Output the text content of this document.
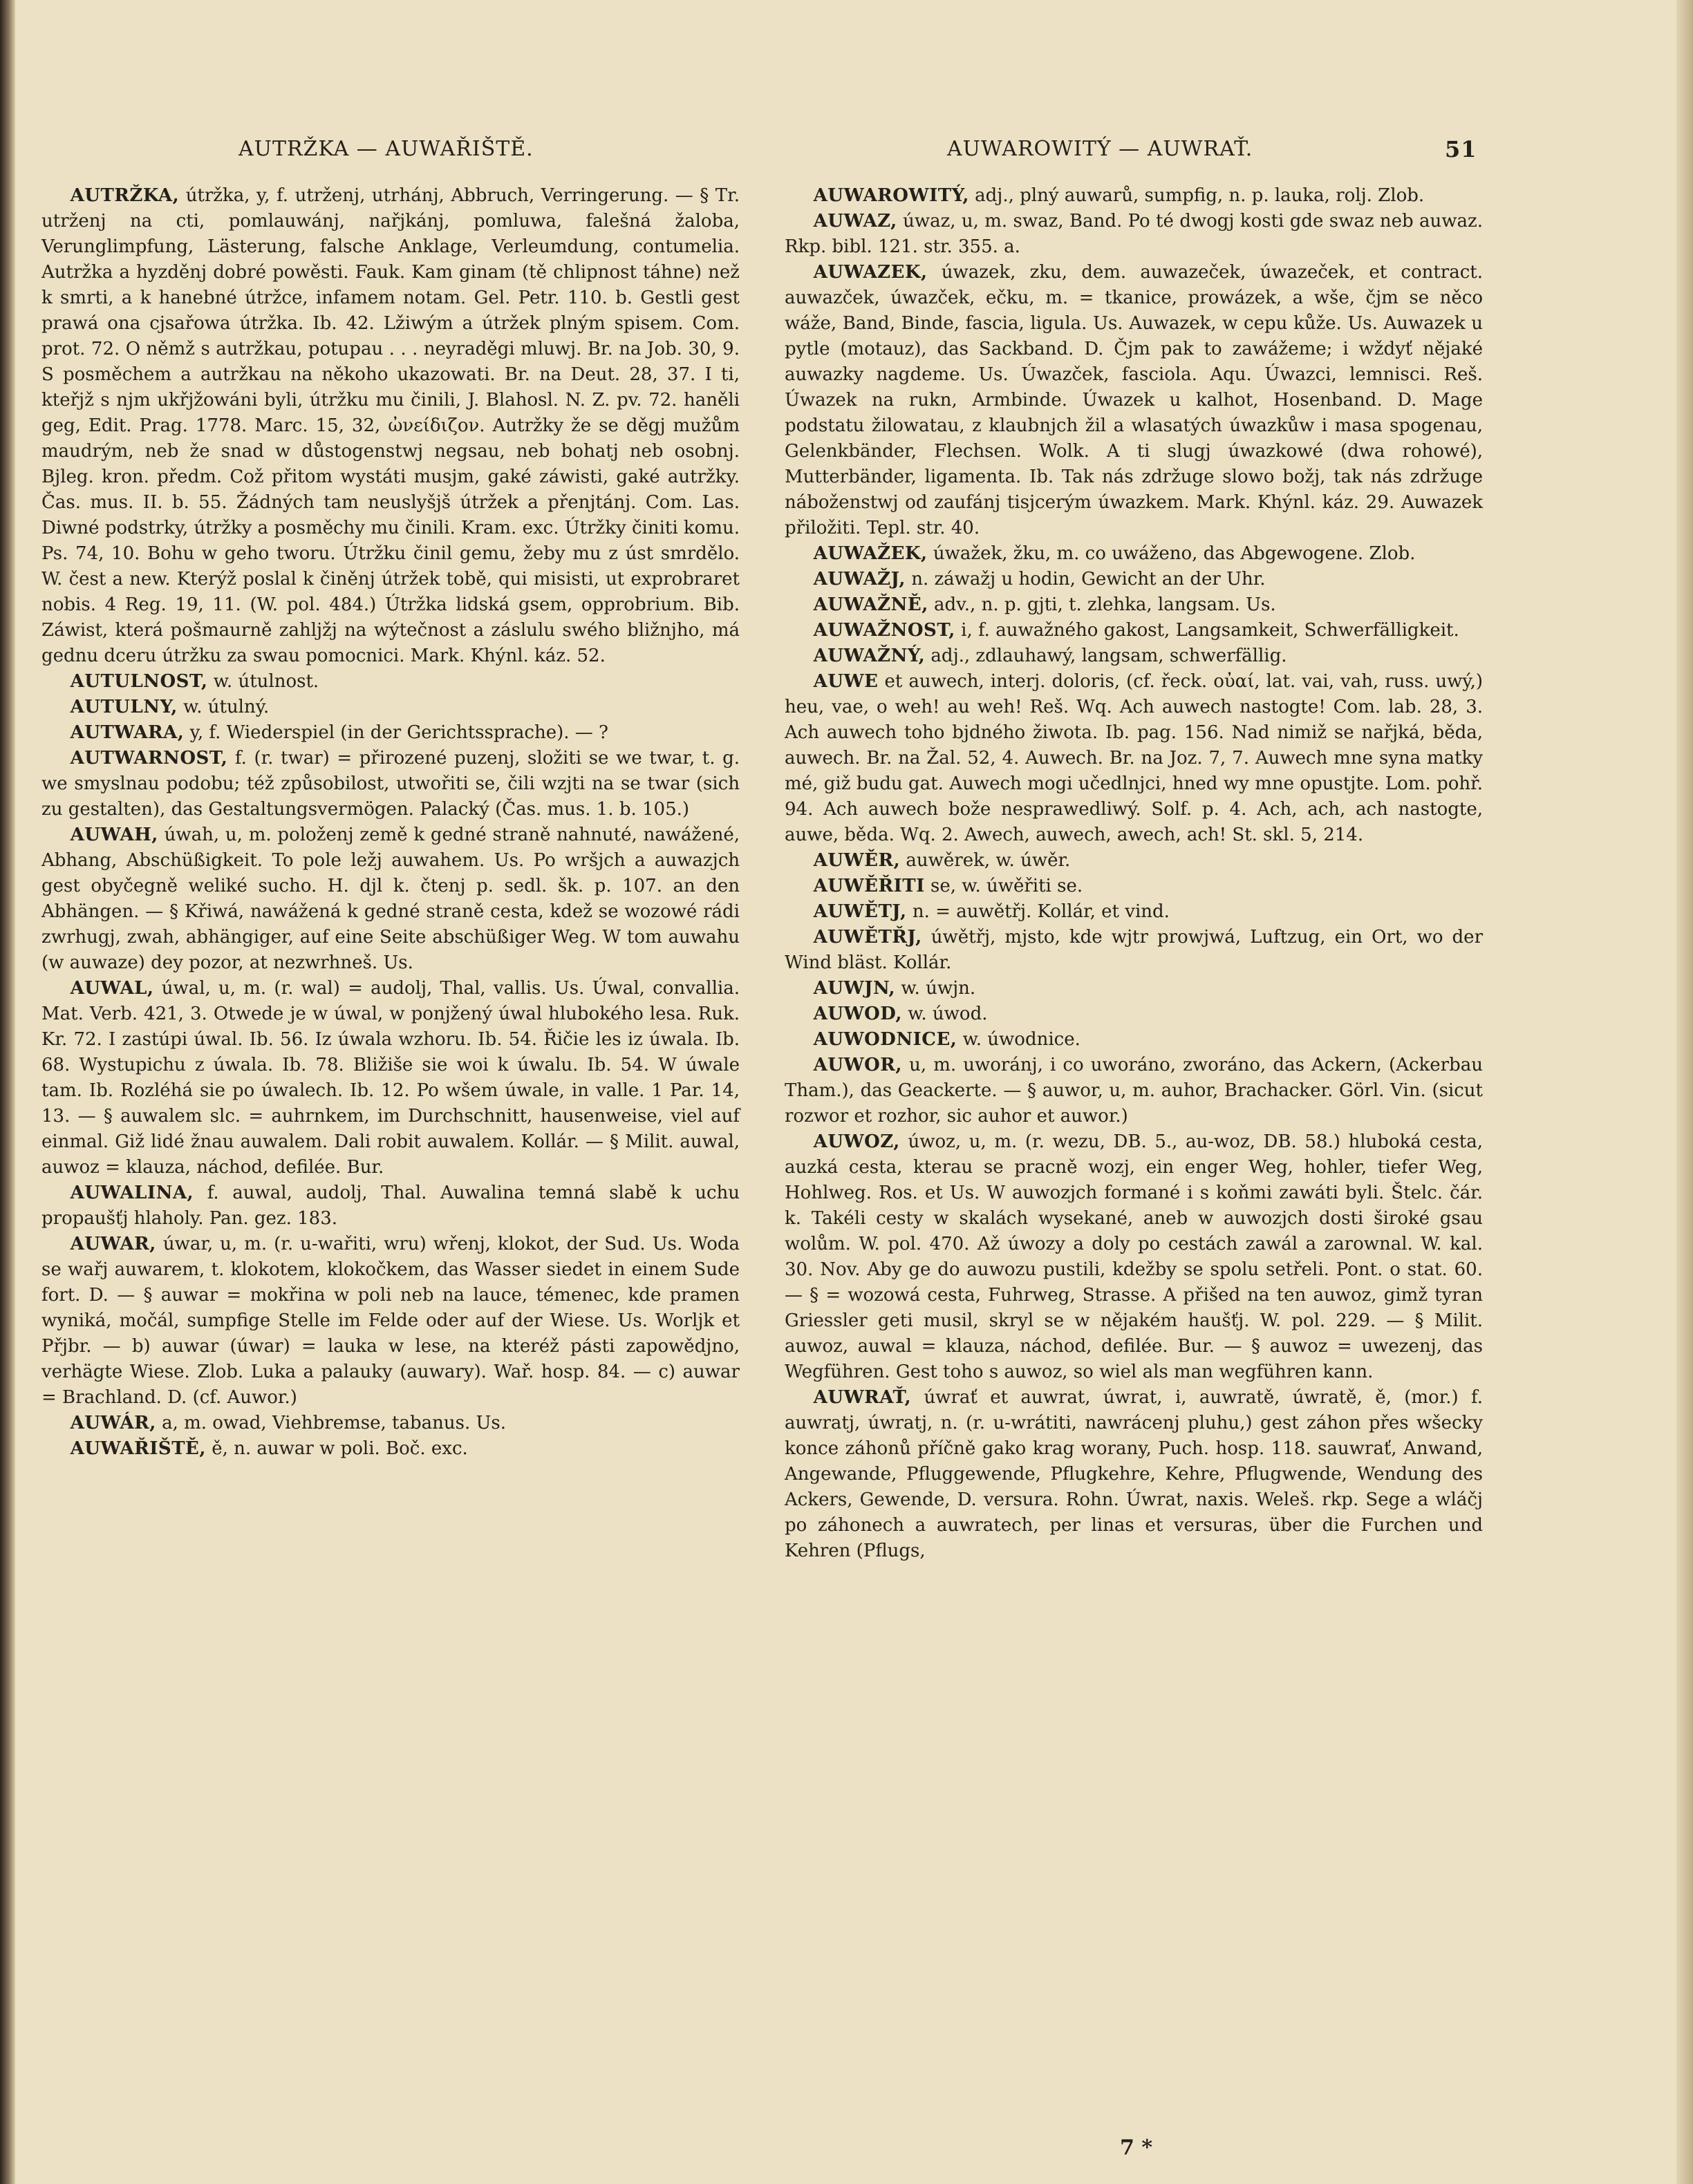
AUTRŽKA — AUWAŘIŠTĚ.	AUWAROWITÝ — AUWRAŤ.	51

AUTRŽKA, útržka, y, f. utrženj, utrhánj, Abbruch, Verringerung. — § Tr. utrženj na cti, pomlauwánj, nařjkánj, pomluwa, falešná žaloba, Verunglimpfung, Lästerung, falsche Anklage, Verleumdung, contumelia. Autržka a hyzděnj dobré powěsti. Fauk. Kam ginam (tě chlipnost táhne) než k smrti, a k hanebné útržce, infamem notam. Gel. Petr. 110. b. Gestli gest prawá ona cjsařowa útržka. Ib. 42. Lžiwým a útržek plným spisem. Com. prot. 72. O němž s autržkau, potupau . . . neyraděgi mluwj. Br. na Job. 30, 9. S posměchem a autržkau na někoho ukazowati. Br. na Deut. 28, 37. I ti, kteřjž s njm ukřjžowáni byli, útržku mu činili, J. Blahosl. N. Z. pv. 72. haněli geg, Edit. Prag. 1778. Marc. 15, 32, ὠνείδιζον. Autržky že se děgj mužům maudrým, neb že snad w důstogenstwj negsau, neb bohatj neb osobnj. Bjleg. kron. předm. Což přitom wystáti musjm, gaké záwisti, gaké autržky. Čas. mus. II. b. 55. Žádných tam neuslyšjš útržek a přenjtánj. Com. Las. Diwné podstrky, útržky a posměchy mu činili. Kram. exc. Útržky činiti komu. Ps. 74, 10. Bohu w geho tworu. Útržku činil gemu, žeby mu z úst smrdělo. W. čest a new. Kterýž poslal k činěnj útržek tobě, qui misisti, ut exprobraret nobis. 4 Reg. 19, 11. (W. pol. 484.) Útržka lidská gsem, opprobrium. Bib. Záwist, která pošmaurně zahljžj na wýtečnost a záslulu swého bližnjho, má gednu dceru útržku za swau pomocnici. Mark. Khýnl. káz. 52.

AUTULNOST, w. útulnost.

AUTULNY, w. útulný.

AUTWARA, y, f. Wiederspiel (in der Gerichtssprache). — ?

AUTWARNOST, f. (r. twar) = přirozené puzenj, složiti se we twar, t. g. we smyslnau podobu; též způsobilost, utwořiti se, čili wzjti na se twar (sich zu gestalten), das Gestaltungsvermögen. Palacký (Čas. mus. 1. b. 105.)

AUWAH, úwah, u, m. položenj země k gedné straně nahnuté, nawážené, Abhang, Abschüßigkeit. To pole ležj auwahem. Us. Po wršjch a auwazjch gest obyčegně weliké sucho. H. djl k. čtenj p. sedl. šk. p. 107. an den Abhängen. — § Křiwá, nawážená k gedné straně cesta, kdež se wozowé rádi zwrhugj, zwah, abhängiger, auf eine Seite abschüßiger Weg. W tom auwahu (w auwaze) dey pozor, at nezwrhneš. Us.

AUWAL, úwal, u, m. (r. wal) = audolj, Thal, vallis. Us. Úwal, convallia. Mat. Verb. 421, 3. Otwede je w úwal, w ponjžený úwal hlubokého lesa. Ruk. Kr. 72. I zastúpi úwal. Ib. 56. Iz úwala wzhoru. Ib. 54. Řičie les iz úwala. Ib. 68. Wystupichu z úwala. Ib. 78. Bližiše sie woi k úwalu. Ib. 54. W úwale tam. Ib. Rozléhá sie po úwalech. Ib. 12. Po wšem úwale, in valle. 1 Par. 14, 13. — § auwalem slc. = auhrnkem, im Durchschnitt, hausenweise, viel auf einmal. Giž lidé žnau auwalem. Dali robit auwalem. Kollár. — § Milit. auwal, auwoz = klauza, náchod, defilée. Bur.

AUWALINA, f. auwal, audolj, Thal. Auwalina temná slabě k uchu propaušťj hlaholy. Pan. gez. 183.

AUWAR, úwar, u, m. (r. u-wařiti, wru) wřenj, klokot, der Sud. Us. Woda se wařj auwarem, t. klokotem, klokočkem, das Wasser siedet in einem Sude fort. D. — § auwar = mokřina w poli neb na lauce, témenec, kde pramen wyniká, močál, sumpfige Stelle im Felde oder auf der Wiese. Us. Worljk et Přjbr. — b) auwar (úwar) = lauka w lese, na kteréž pásti zapowědjno, verhägte Wiese. Zlob. Luka a palauky (auwary). Wař. hosp. 84. — c) auwar = Brachland. D. (cf. Auwor.)

AUWÁR, a, m. owad, Viehbremse, tabanus. Us.

AUWAŘIŠTĚ, ě, n. auwar w poli. Boč. exc.

AUWAROWITÝ, adj., plný auwarů, sumpfig, n. p. lauka, rolj. Zlob.

AUWAZ, úwaz, u, m. swaz, Band. Po té dwogj kosti gde swaz neb auwaz. Rkp. bibl. 121. str. 355. a.

AUWAZEK, úwazek, zku, dem. auwazeček, úwazeček, et contract. auwazček, úwazček, ečku, m. = tkanice, prowázek, a wše, čjm se něco wáže, Band, Binde, fascia, ligula. Us. Auwazek, w cepu kůže. Us. Auwazek u pytle (motauz), das Sackband. D. Čjm pak to zawážeme; i wždyť nějaké auwazky nagdeme. Us. Úwazček, fasciola. Aqu. Úwazci, lemnisci. Reš. Úwazek na rukn, Armbinde. Úwazek u kalhot, Hosenband. D. Mage podstatu žilowatau, z klaubnjch žil a wlasatých úwazkůw i masa spogenau, Gelenkbänder, Flechsen. Wolk. A ti slugj úwazkowé (dwa rohowé), Mutterbänder, ligamenta. Ib. Tak nás zdržuge slowo božj, tak nás zdržuge náboženstwj od zaufánj tisjcerým úwazkem. Mark. Khýnl. káz. 29. Auwazek přiložiti. Tepl. str. 40.

AUWAŽEK, úwažek, žku, m. co uwáženo, das Abgewogene. Zlob.

AUWAŽJ, n. záwažj u hodin, Gewicht an der Uhr.

AUWAŽNĚ, adv., n. p. gjti, t. zlehka, langsam. Us.

AUWAŽNOST, i, f. auwažného gakost, Langsamkeit, Schwerfälligkeit.

AUWAŽNÝ, adj., zdlauhawý, langsam, schwerfällig.

AUWE et auwech, interj. doloris, (cf. řeck. οὐαί, lat. vai, vah, russ. uwý,) heu, vae, o weh! au weh! Reš. Wq. Ach auwech nastogte! Com. lab. 28, 3. Ach auwech toho bjdného žiwota. Ib. pag. 156. Nad nimiž se nařjká, běda, auwech. Br. na Žal. 52, 4. Auwech. Br. na Joz. 7, 7. Auwech mne syna matky mé, giž budu gat. Auwech mogi učedlnjci, hned wy mne opustjte. Lom. pohř. 94. Ach auwech bože nesprawedliwý. Solf. p. 4. Ach, ach, ach nastogte, auwe, běda. Wq. 2. Awech, auwech, awech, ach! St. skl. 5, 214.

AUWĚR, auwěrek, w. úwěr.

AUWĚŘITI se, w. úwěřiti se.

AUWĚTJ, n. = auwětřj. Kollár, et vind.

AUWĚTŘJ, úwětřj, mjsto, kde wjtr prowjwá, Luftzug, ein Ort, wo der Wind bläst. Kollár.

AUWJN, w. úwjn.

AUWOD, w. úwod.

AUWODNICE, w. úwodnice.

AUWOR, u, m. uworánj, i co uworáno, zworáno, das Ackern, (Ackerbau Tham.), das Geackerte. — § auwor, u, m. auhor, Brachacker. Görl. Vin. (sicut rozwor et rozhor, sic auhor et auwor.)

AUWOZ, úwoz, u, m. (r. wezu, DB. 5., au-woz, DB. 58.) hluboká cesta, auzká cesta, kterau se pracně wozj, ein enger Weg, hohler, tiefer Weg, Hohlweg. Ros. et Us. W auwozjch formané i s koňmi zawáti byli. Štelc. čár. k. Takéli cesty w skalách wysekané, aneb w auwozjch dosti široké gsau wolům. W. pol. 470. Až úwozy a doly po cestách zawál a zarownal. W. kal. 30. Nov. Aby ge do auwozu pustili, kdežby se spolu setřeli. Pont. o stat. 60. — § = wozowá cesta, Fuhrweg, Strasse. A přišed na ten auwoz, gimž tyran Griessler geti musil, skryl se w nějakém haušťj. W. pol. 229. — § Milit. auwoz, auwal = klauza, náchod, defilée. Bur. — § auwoz = uwezenj, das Wegführen. Gest toho s auwoz, so wiel als man wegführen kann.

AUWRAŤ, úwrať et auwrat, úwrat, i, auwratě, úwratě, ě, (mor.) f. auwratj, úwratj, n. (r. u-wrátiti, nawrácenj pluhu,) gest záhon přes wšecky konce záhonů příčně gako krag worany, Puch. hosp. 118. sauwrať, Anwand, Angewande, Pfluggewende, Pflugkehre, Kehre, Pflugwende, Wendung des Ackers, Gewende, D. versura. Rohn. Úwrat, naxis. Weleš. rkp. Sege a wláčj po záhonech a auwratech, per linas et versuras, über die Furchen und Kehren (Pflugs,

7 *
